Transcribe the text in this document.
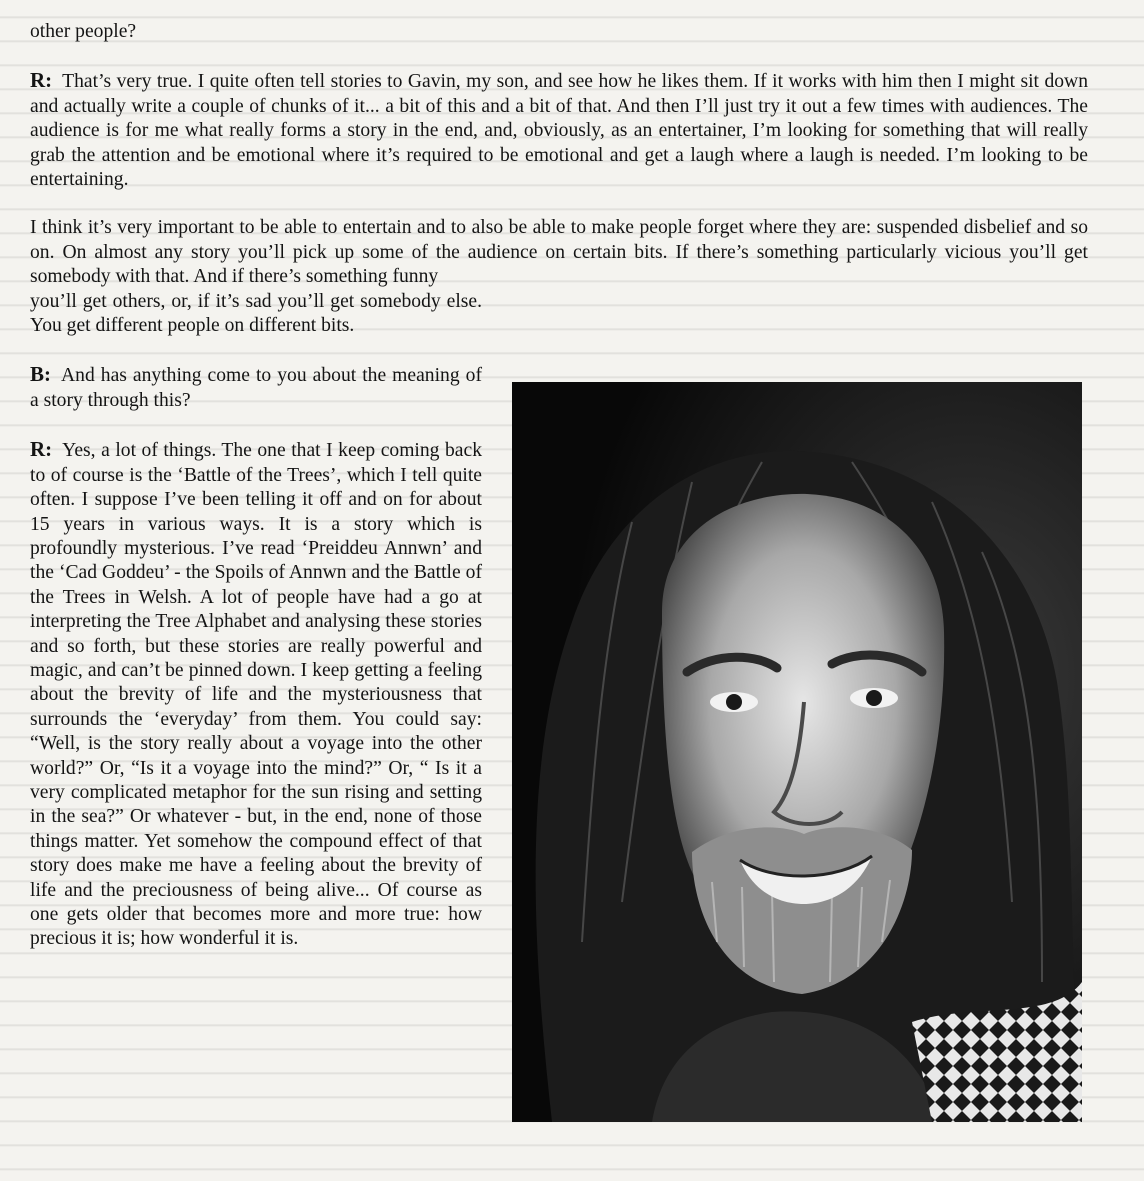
other people?

R: That’s very true. I quite often tell stories to Gavin, my son, and see how he likes them. If it works with him then I might sit down and actually write a couple of chunks of it... a bit of this and a bit of that. And then I’ll just try it out a few times with audiences. The audience is for me what really forms a story in the end, and, obviously, as an entertainer, I’m looking for something that will really grab the attention and be emotional where it’s required to be emotional and get a laugh where a laugh is needed. I’m looking to be entertaining.

I think it’s very important to be able to entertain and to also be able to make people forget where they are: suspended disbelief and so on. On almost any story you’ll pick up some of the audience on certain bits. If there’s something particularly vicious you’ll get somebody with that. And if there’s something funny

you’ll get others, or, if it’s sad you’ll get somebody else. You get different people on different bits.

B: And has anything come to you about the meaning of a story through this?

R: Yes, a lot of things. The one that I keep coming back to of course is the ‘Battle of the Trees’, which I tell quite often. I suppose I’ve been telling it off and on for about 15 years in various ways. It is a story which is profoundly mysterious. I’ve read ‘Preiddeu Annwn’ and the ‘Cad Goddeu’ - the Spoils of Annwn and the Battle of the Trees in Welsh. A lot of people have had a go at interpreting the Tree Alphabet and analysing these stories and so forth, but these stories are really powerful and magic, and can’t be pinned down. I keep getting a feeling about the brevity of life and the mysteriousness that surrounds the ‘everyday’ from them. You could say: “Well, is the story really about a voyage into the other world?” Or, “Is it a voyage into the mind?” Or, “ Is it a very complicated metaphor for the sun rising and setting in the sea?” Or whatever - but, in the end, none of those things matter. Yet somehow the compound effect of that story does make me have a feeling about the brevity of life and the preciousness of being alive... Of course as one gets older that becomes more and more true: how precious it is; how wonderful it is.
